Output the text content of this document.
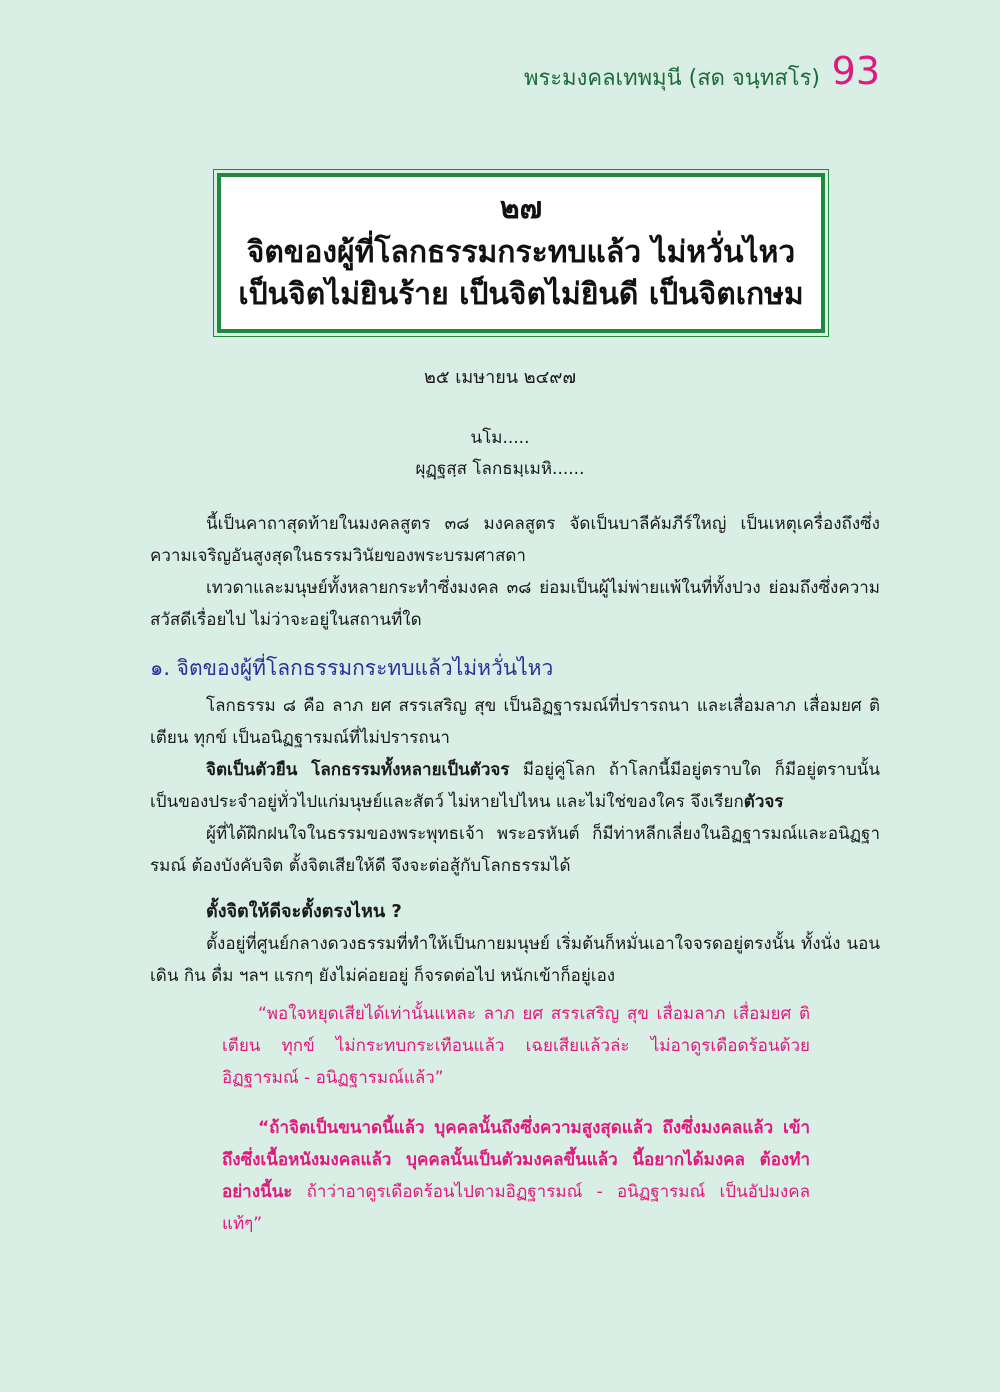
พระมงคลเทพมุนี (สด จนฺทสโร) 93
๒๗
จิตของผู้ที่โลกธรรมกระทบแล้ว ไม่หวั่นไหว
เป็นจิตไม่ยินร้าย เป็นจิตไม่ยินดี เป็นจิตเกษม
๒๕ เมษายน ๒๔๙๗
นโม.....
ผุฏฺฐสฺส โลกธมฺเมหิ......
นี้เป็นคาถาสุดท้ายในมงคลสูตร ๓๘ มงคลสูตร จัดเป็นบาลีคัมภีร์ใหญ่ เป็นเหตุเครื่องถึงซึ่งความเจริญอันสูงสุดในธรรมวินัยของพระบรมศาสดา
เทวดาและมนุษย์ทั้งหลายกระทำซึ่งมงคล ๓๘ ย่อมเป็นผู้ไม่พ่ายแพ้ในที่ทั้งปวง ย่อมถึงซึ่งความสวัสดีเรื่อยไป ไม่ว่าจะอยู่ในสถานที่ใด
๑. จิตของผู้ที่โลกธรรมกระทบแล้วไม่หวั่นไหว
โลกธรรม ๘ คือ ลาภ ยศ สรรเสริญ สุข เป็นอิฏฐารมณ์ที่ปรารถนา และเสื่อมลาภ เสื่อมยศ ติเตียน ทุกข์ เป็นอนิฏฐารมณ์ที่ไม่ปรารถนา
จิตเป็นตัวยืน โลกธรรมทั้งหลายเป็นตัวจร มีอยู่คู่โลก ถ้าโลกนี้มีอยู่ตราบใด ก็มีอยู่ตราบนั้น เป็นของประจำอยู่ทั่วไปแก่มนุษย์และสัตว์ ไม่หายไปไหน และไม่ใช่ของใคร จึงเรียกตัวจร
ผู้ที่ได้ฝึกฝนใจในธรรมของพระพุทธเจ้า พระอรหันต์ ก็มีท่าหลีกเลี่ยงในอิฏฐารมณ์และอนิฏฐารมณ์ ต้องบังคับจิต ตั้งจิตเสียให้ดี จึงจะต่อสู้กับโลกธรรมได้
ตั้งจิตให้ดีจะตั้งตรงไหน ?
ตั้งอยู่ที่ศูนย์กลางดวงธรรมที่ทำให้เป็นกายมนุษย์ เริ่มต้นก็หมั่นเอาใจจรดอยู่ตรงนั้น ทั้งนั่ง นอน เดิน กิน ดื่ม ฯลฯ แรกๆ ยังไม่ค่อยอยู่ ก็จรดต่อไป หนักเข้าก็อยู่เอง
“พอใจหยุดเสียได้เท่านั้นแหละ ลาภ ยศ สรรเสริญ สุข เสื่อมลาภ เสื่อมยศ ติเตียน ทุกข์ ไม่กระทบกระเทือนแล้ว เฉยเสียแล้วล่ะ ไม่อาดูรเดือดร้อนด้วยอิฏฐารมณ์ - อนิฏฐารมณ์แล้ว”
“ถ้าจิตเป็นขนาดนี้แล้ว บุคคลนั้นถึงซึ่งความสูงสุดแล้ว ถึงซึ่งมงคลแล้ว เข้าถึงซึ่งเนื้อหนังมงคลแล้ว บุคคลนั้นเป็นตัวมงคลขึ้นแล้ว นี้อยากได้มงคล ต้องทำอย่างนี้นะ ถ้าว่าอาดูรเดือดร้อนไปตามอิฏฐารมณ์ - อนิฏฐารมณ์ เป็นอัปมงคลแท้ๆ”
